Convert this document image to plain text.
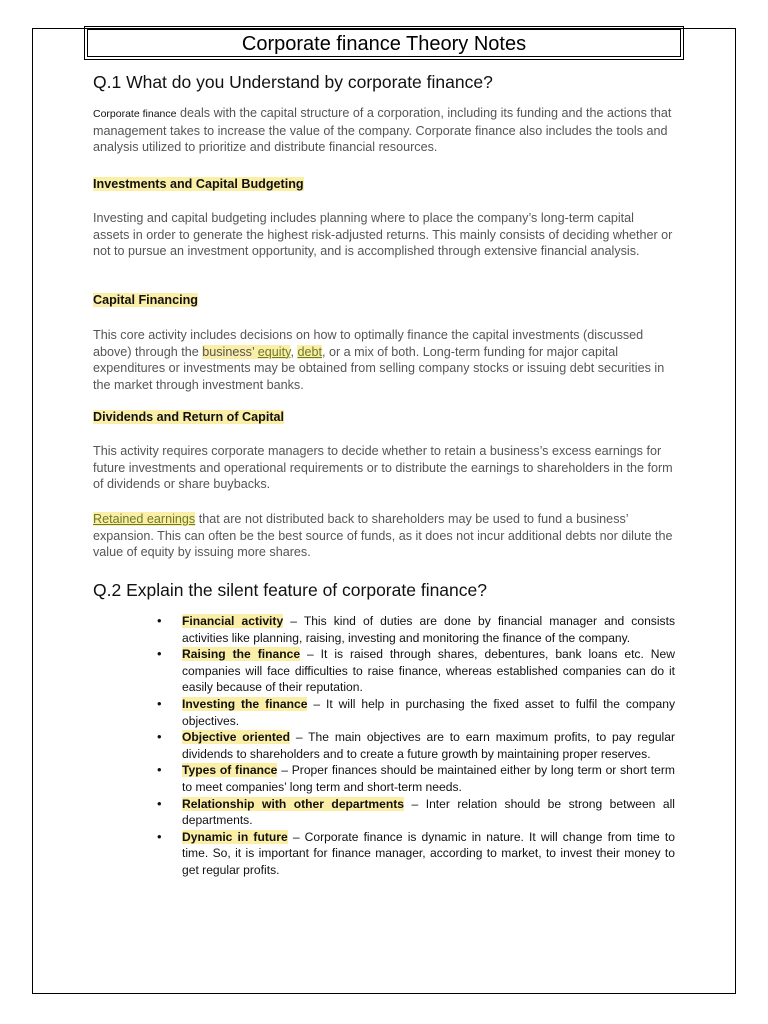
Corporate finance Theory Notes
Q.1 What do you Understand by corporate finance?

Corporate finance deals with the capital structure of a corporation, including its funding and the actions that management takes to increase the value of the company. Corporate finance also includes the tools and analysis utilized to prioritize and distribute financial resources.

Investments and Capital Budgeting

Investing and capital budgeting includes planning where to place the company’s long-term capital assets in order to generate the highest risk-adjusted returns. This mainly consists of deciding whether or not to pursue an investment opportunity, and is accomplished through extensive financial analysis.

Capital Financing

This core activity includes decisions on how to optimally finance the capital investments (discussed above) through the business’ equity, debt, or a mix of both. Long-term funding for major capital expenditures or investments may be obtained from selling company stocks or issuing debt securities in the market through investment banks.

Dividends and Return of Capital

This activity requires corporate managers to decide whether to retain a business’s excess earnings for future investments and operational requirements or to distribute the earnings to shareholders in the form of dividends or share buybacks.

Retained earnings that are not distributed back to shareholders may be used to fund a business’ expansion. This can often be the best source of funds, as it does not incur additional debts nor dilute the value of equity by issuing more shares.

Q.2 Explain the silent feature of corporate finance?
• Financial activity – This kind of duties are done by financial manager and consists activities like planning, raising, investing and monitoring the finance of the company.
• Raising the finance – It is raised through shares, debentures, bank loans etc. New companies will face difficulties to raise finance, whereas established companies can do it easily because of their reputation.
• Investing the finance – It will help in purchasing the fixed asset to fulfil the company objectives.
• Objective oriented – The main objectives are to earn maximum profits, to pay regular dividends to shareholders and to create a future growth by maintaining proper reserves.
• Types of finance – Proper finances should be maintained either by long term or short term to meet companies’ long term and short-term needs.
• Relationship with other departments – Inter relation should be strong between all departments.
• Dynamic in future – Corporate finance is dynamic in nature. It will change from time to time. So, it is important for finance manager, according to market, to invest their money to get regular profits.
